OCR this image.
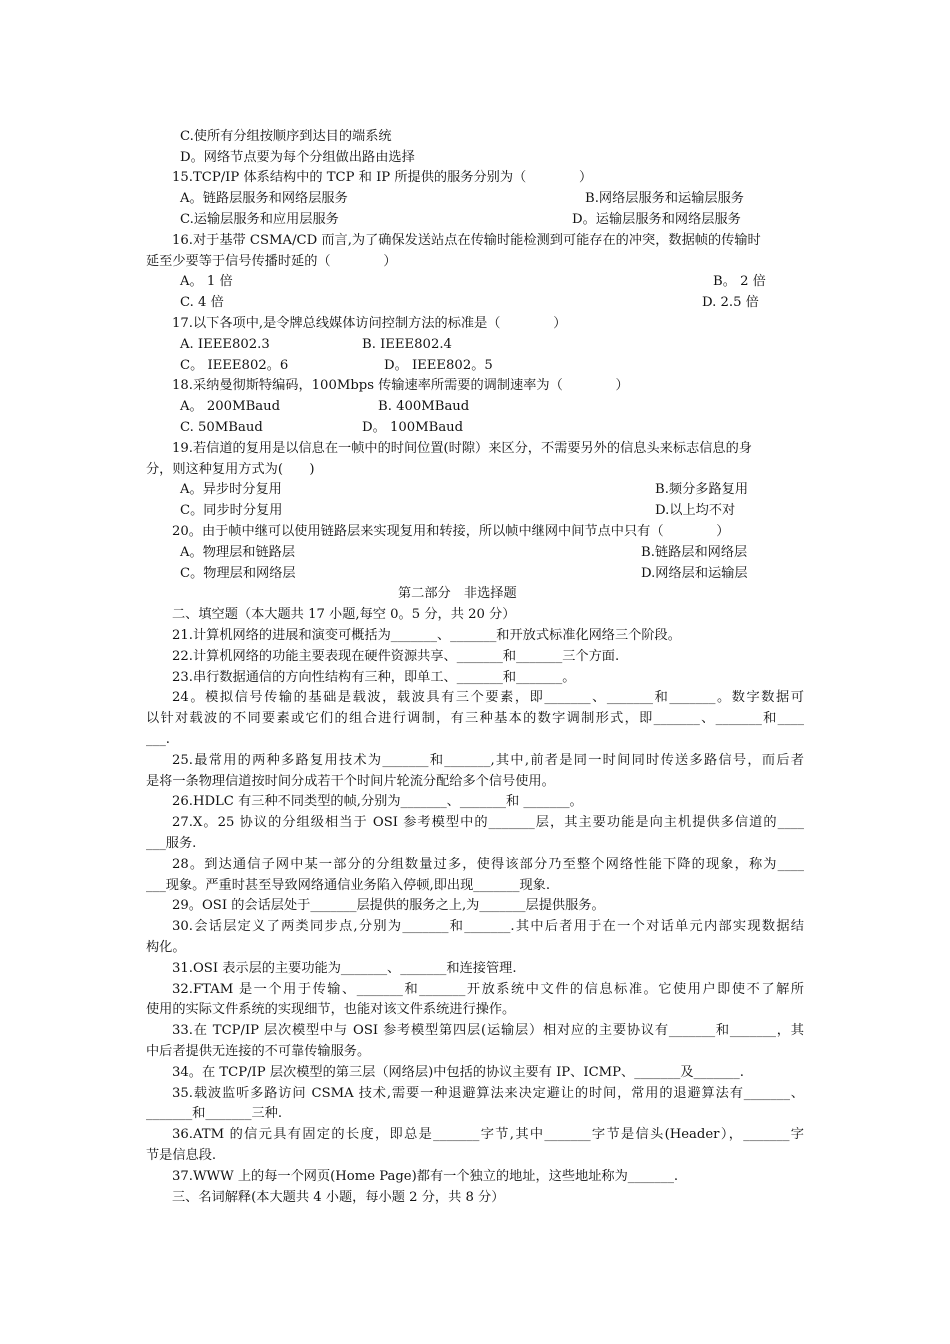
C.使所有分组按顺序到达目的端系统
D。网络节点要为每个分组做出路由选择
15.TCP/IP 体系结构中的 TCP 和 IP 所提供的服务分别为（　　　　）
A。链路层服务和网络层服务	B.网络层服务和运输层服务
C.运输层服务和应用层服务	D。运输层服务和网络层服务
16.对于基带 CSMA/CD 而言,为了确保发送站点在传输时能检测到可能存在的冲突，数据帧的传输时
延至少要等于信号传播时延的（　　　　）
A。 1 倍	B。 2 倍
C. 4 倍	D. 2.5 倍
17.以下各项中,是令牌总线媒体访问控制方法的标准是（　　　　）
A. IEEE802.3	B. IEEE802.4
C。 IEEE802。6	D。 IEEE802。5
18.采纳曼彻斯特编码，100Mbps 传输速率所需要的调制速率为（　　　　）
A。 200MBaud	B. 400MBaud
C. 50MBaud	D。 100MBaud
19.若信道的复用是以信息在一帧中的时间位置(时隙）来区分，不需要另外的信息头来标志信息的身
分，则这种复用方式为(　　)
A。异步时分复用	B.频分多路复用
C。同步时分复用	D.以上均不对
20。由于帧中继可以使用链路层来实现复用和转接，所以帧中继网中间节点中只有（　　　　）
A。物理层和链路层	B.链路层和网络层
C。物理层和网络层	D.网络层和运输层
第二部分　非选择题
二、填空题（本大题共 17 小题,每空 0。5 分，共 20 分）
21.计算机网络的进展和演变可概括为_______、_______和开放式标准化网络三个阶段。
22.计算机网络的功能主要表现在硬件资源共享、_______和_______三个方面.
23.串行数据通信的方向性结构有三种，即单工、_______和_______。
24。模拟信号传输的基础是载波，载波具有三个要素，即_______、_______和_______。数字数据可
以针对载波的不同要素或它们的组合进行调制，有三种基本的数字调制形式，即_______、_______和____
___.
25.最常用的两种多路复用技术为_______和_______,其中,前者是同一时间同时传送多路信号，而后者
是将一条物理信道按时间分成若干个时间片轮流分配给多个信号使用。
26.HDLC 有三种不同类型的帧,分别为_______、_______和 _______。
27.X。25 协议的分组级相当于 OSI 参考模型中的_______层，其主要功能是向主机提供多信道的____
___服务.
28。到达通信子网中某一部分的分组数量过多，使得该部分乃至整个网络性能下降的现象，称为____
___现象。严重时甚至导致网络通信业务陷入停顿,即出现_______现象.
29。OSI 的会话层处于_______层提供的服务之上,为_______层提供服务。
30.会话层定义了两类同步点,分别为_______和_______.其中后者用于在一个对话单元内部实现数据结
构化。
31.OSI 表示层的主要功能为_______、_______和连接管理.
32.FTAM 是一个用于传输、_______和_______开放系统中文件的信息标准。它使用户即使不了解所
使用的实际文件系统的实现细节，也能对该文件系统进行操作。
33.在 TCP/IP 层次模型中与 OSI 参考模型第四层(运输层）相对应的主要协议有_______和_______，其
中后者提供无连接的不可靠传输服务。
34。在 TCP/IP 层次模型的第三层（网络层)中包括的协议主要有 IP、ICMP、_______及_______.
35.载波监听多路访问 CSMA 技术,需要一种退避算法来决定避让的时间，常用的退避算法有_______、
_______和_______三种.
36.ATM 的信元具有固定的长度，即总是_______字节,其中_______字节是信头(Header），_______字
节是信息段.
37.WWW 上的每一个网页(Home Page)都有一个独立的地址，这些地址称为_______.
三、名词解释(本大题共 4 小题，每小题 2 分，共 8 分）
